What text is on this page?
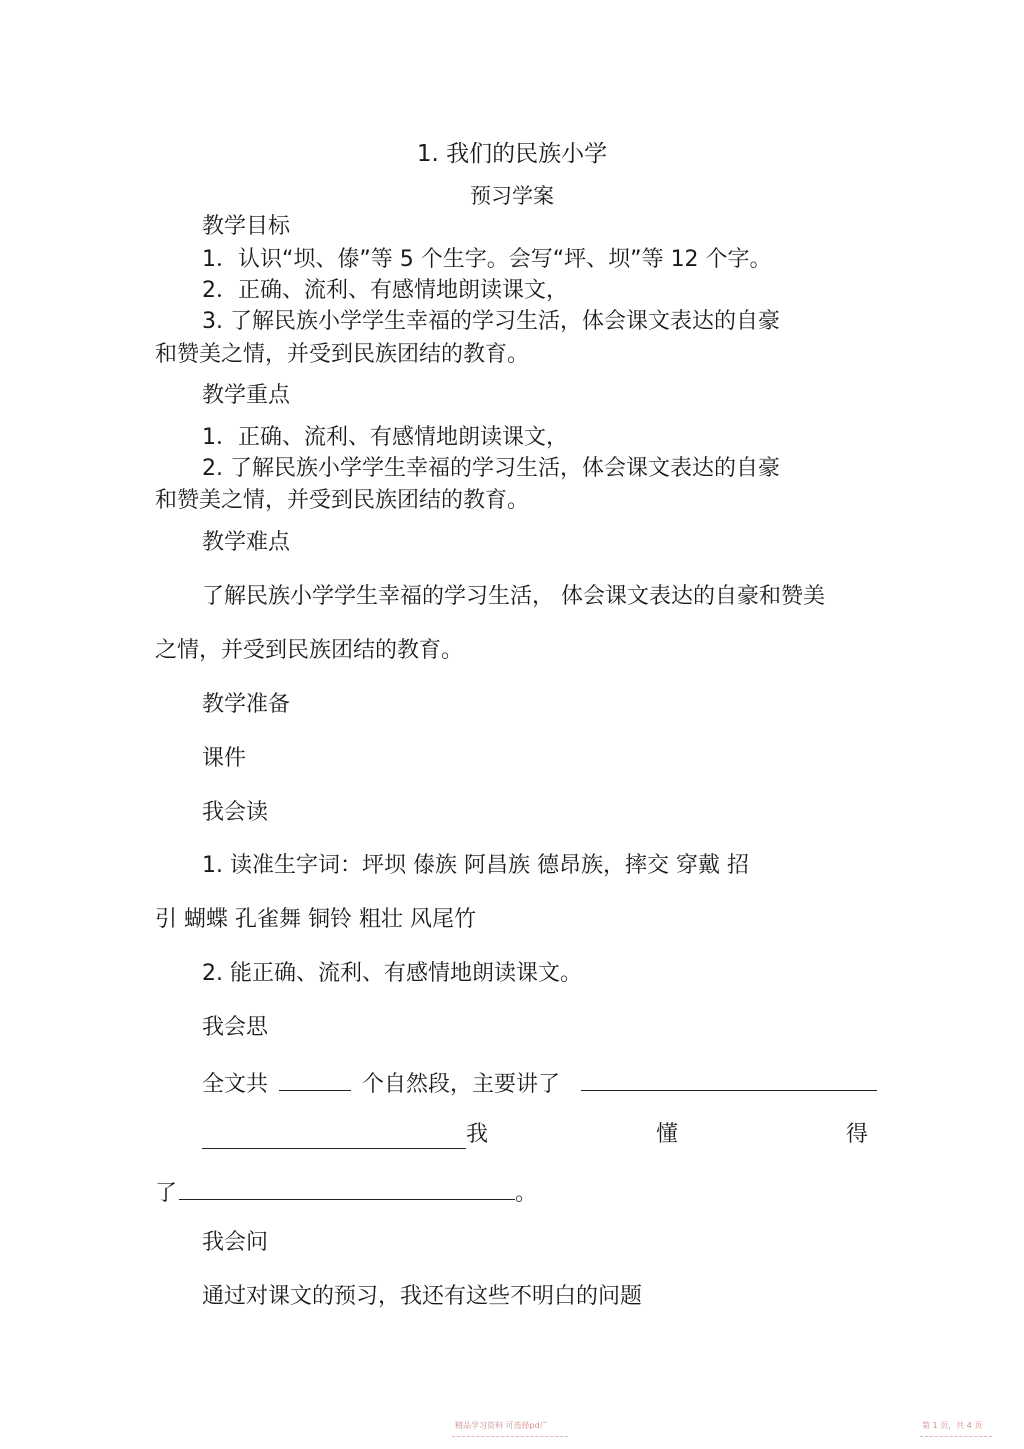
1. 我们的民族小学
预习学案
教学目标
1．认识“坝、傣”等 5 个生字。会写“坪、坝”等 12 个字。
2．正确、流利、有感情地朗读课文，
3. 了解民族小学学生幸福的学习生活，体会课文表达的自豪
和赞美之情，并受到民族团结的教育。
教学重点
1．正确、流利、有感情地朗读课文，
2. 了解民族小学学生幸福的学习生活，体会课文表达的自豪
和赞美之情，并受到民族团结的教育。
教学难点
了解民族小学学生幸福的学习生活， 体会课文表达的自豪和赞美
之情，并受到民族团结的教育。
教学准备
课件
我会读
1. 读准生字词：坪坝 傣族 阿昌族 德昂族，摔交 穿戴 招
引 蝴蝶 孔雀舞 铜铃 粗壮 风尾竹
2. 能正确、流利、有感情地朗读课文。
我会思
全文共	个自然段，主要讲了
我	懂	得
了	。
我会问
通过对课文的预习，我还有这些不明白的问题
精品学习资料 可选择pd广	第 1 页，共 4 页
